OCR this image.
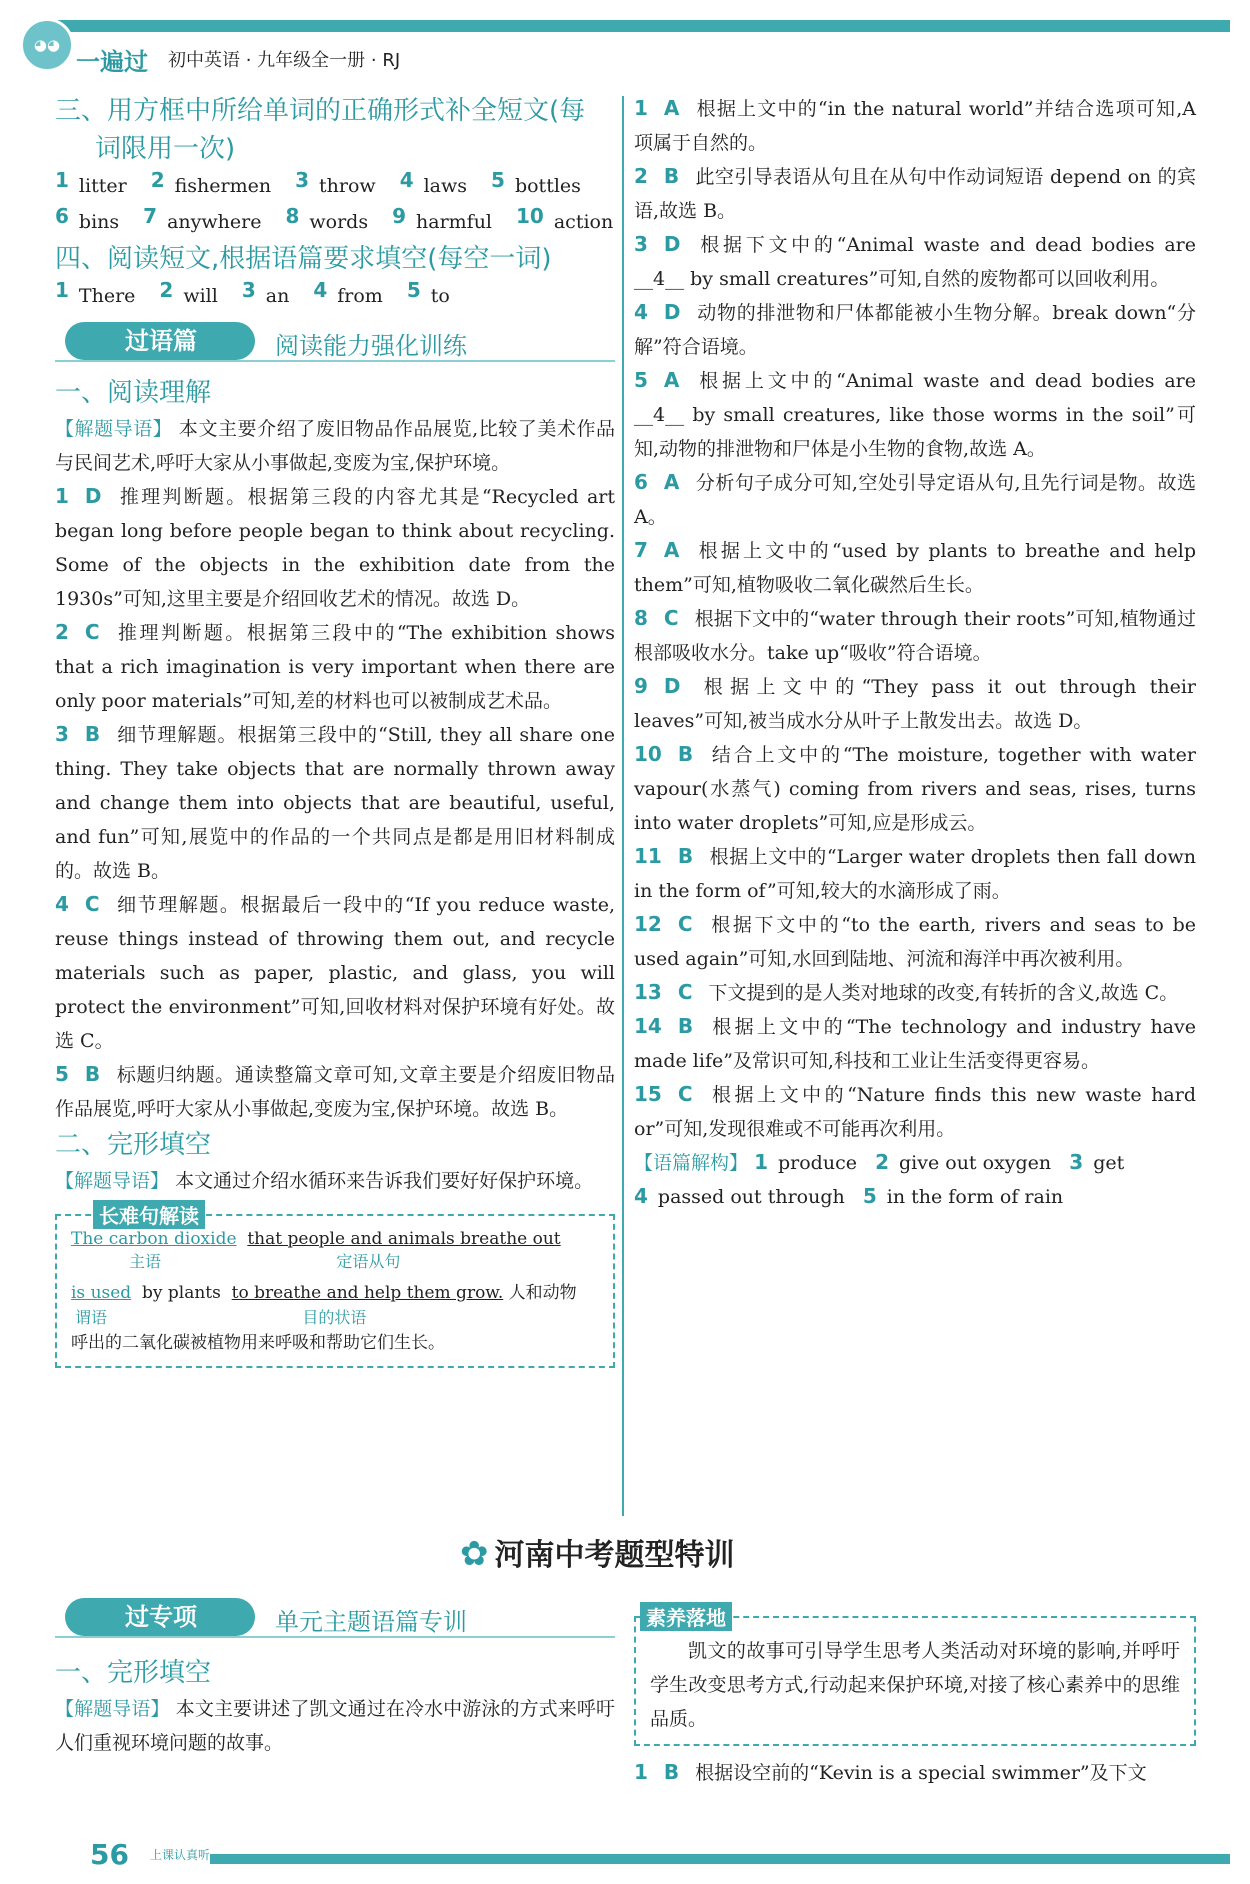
◕◕
一遍过 初中英语 · 九年级全一册 · RJ

三、用方框中所给单词的正确形式补全短文(每

词限用一次)

1 litter 2 fishermen 3 throw 4 laws 5 bottles
6 bins 7 anywhere 8 words 9 harmful 10 action

四、阅读短文,根据语篇要求填空(每空一词)

1 There 2 will 3 an 4 from 5 to
过语篇	阅读能力强化训练

一、阅读理解

【解题导语】 本文主要介绍了废旧物品作品展览,比较了美术作品与民间艺术,呼吁大家从小事做起,变废为宝,保护环境。

1 D 推理判断题。根据第三段的内容尤其是“Recycled art began long before people began to think about recycling. Some of the objects in the exhibition date from the 1930s”可知,这里主要是介绍回收艺术的情况。故选 D。

2 C 推理判断题。根据第三段中的“The exhibition shows that a rich imagination is very important when there are only poor materials”可知,差的材料也可以被制成艺术品。

3 B 细节理解题。根据第三段中的“Still, they all share one thing. They take objects that are normally thrown away and change them into objects that are beautiful, useful, and fun”可知,展览中的作品的一个共同点是都是用旧材料制成的。故选 B。

4 C 细节理解题。根据最后一段中的“If you reduce waste, reuse things instead of throwing them out, and recycle materials such as paper, plastic, and glass, you will protect the environment”可知,回收材料对保护环境有好处。故选 C。

5 B 标题归纳题。通读整篇文章可知,文章主要是介绍废旧物品作品展览,呼吁大家从小事做起,变废为宝,保护环境。故选 B。

二、完形填空

【解题导语】 本文通过介绍水循环来告诉我们要好好保护环境。

长难句解读
The carbon dioxide that people and animals breathe out
主语	定语从句
is used by plants to breathe and help them grow. 人和动物
谓语	目的状语
呼出的二氧化碳被植物用来呼吸和帮助它们生长。

1 A 根据上文中的“in the natural world”并结合选项可知,A 项属于自然的。

2 B 此空引导表语从句且在从句中作动词短语 depend on 的宾语,故选 B。

3 D 根据下文中的“Animal waste and dead bodies are __4__ by small creatures”可知,自然的废物都可以回收利用。

4 D 动物的排泄物和尸体都能被小生物分解。break down“分解”符合语境。

5 A 根据上文中的“Animal waste and dead bodies are __4__ by small creatures, like those worms in the soil”可知,动物的排泄物和尸体是小生物的食物,故选 A。

6 A 分析句子成分可知,空处引导定语从句,且先行词是物。故选 A。

7 A 根据上文中的“used by plants to breathe and help them”可知,植物吸收二氧化碳然后生长。

8 C 根据下文中的“water through their roots”可知,植物通过根部吸收水分。take up“吸收”符合语境。

9 D 根据上文中的“They pass it out through their leaves”可知,被当成水分从叶子上散发出去。故选 D。

10 B 结合上文中的“The moisture, together with water vapour(水蒸气) coming from rivers and seas, rises, turns into water droplets”可知,应是形成云。

11 B 根据上文中的“Larger water droplets then fall down in the form of”可知,较大的水滴形成了雨。

12 C 根据下文中的“to the earth, rivers and seas to be used again”可知,水回到陆地、河流和海洋中再次被利用。

13 C 下文提到的是人类对地球的改变,有转折的含义,故选 C。

14 B 根据上文中的“The technology and industry have made life”及常识可知,科技和工业让生活变得更容易。

15 C 根据上文中的“Nature finds this new waste hard or”可知,发现很难或不可能再次利用。

【语篇解构】 1 produce 2 give out oxygen 3 get
4 passed out through 5 in the form of rain

✿ 河南中考题型特训
过专项	单元主题语篇专训

一、完形填空

【解题导语】 本文主要讲述了凯文通过在冷水中游泳的方式来呼吁人们重视环境问题的故事。

素养落地

凯文的故事可引导学生思考人类活动对环境的影响,并呼吁学生改变思考方式,行动起来保护环境,对接了核心素养中的思维品质。

1 B 根据设空前的“Kevin is a special swimmer”及下文

56 上课认真听
